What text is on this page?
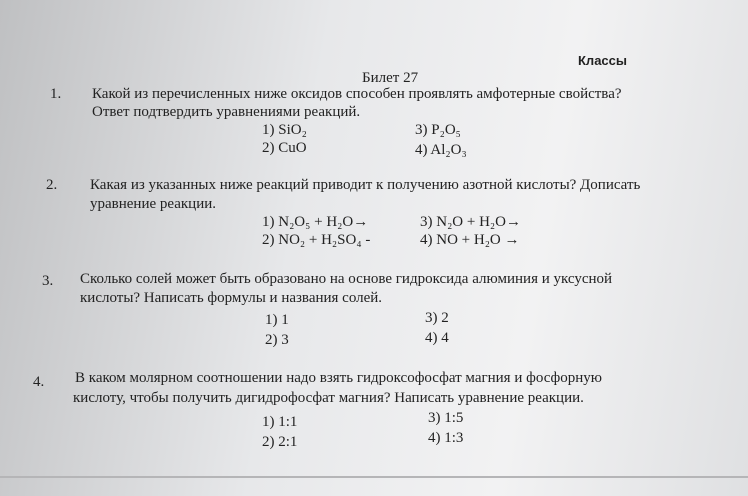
Классы
Билет 27
1. Какой из перечисленных ниже оксидов способен проявлять амфотерные свойства?
Ответ подтвердить уравнениями реакций.
1) SiO₂	3) P₂O₅
2) CuO	4) Al₂O₃
2. Какая из указанных ниже реакций приводит к получению азотной кислоты? Дописать
уравнение реакции.
1) N₂O₅ + H₂O→	3) N₂O + H₂O→
2) NO₂ + H₂SO₄ -	4) NO + H₂O →
3. Сколько солей может быть образовано на основе гидроксида алюминия и уксусной
кислоты? Написать формулы и названия солей.
1) 1	3) 2
2) 3	4) 4
4. В каком молярном соотношении надо взять гидроксофосфат магния и фосфорную
кислоту, чтобы получить дигидрофосфат магния? Написать уравнение реакции.
1) 1:1	3) 1:5
2) 2:1	4) 1:3
